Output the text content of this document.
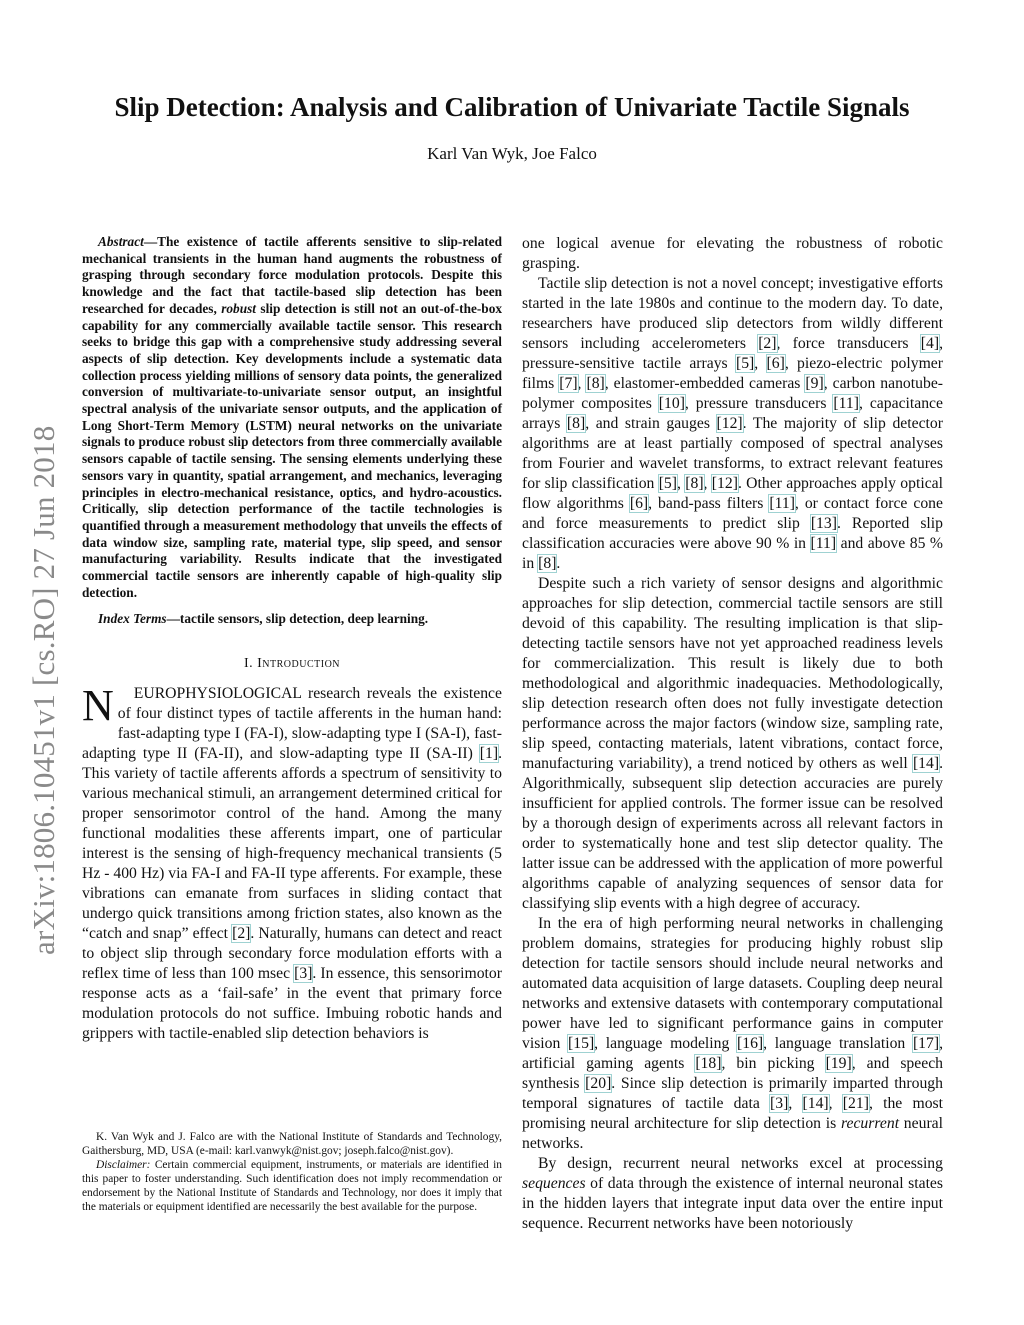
arXiv:1806.10451v1 [cs.RO] 27 Jun 2018
Slip Detection: Analysis and Calibration of Univariate Tactile Signals
Karl Van Wyk, Joe Falco

Abstract—The existence of tactile afferents sensitive to slip-related mechanical transients in the human hand augments the robustness of grasping through secondary force modulation protocols. Despite this knowledge and the fact that tactile-based slip detection has been researched for decades, robust slip detection is still not an out-of-the-box capability for any commercially available tactile sensor. This research seeks to bridge this gap with a comprehensive study addressing several aspects of slip detection. Key developments include a systematic data collection process yielding millions of sensory data points, the generalized conversion of multivariate-to-univariate sensor output, an insightful spectral analysis of the univariate sensor outputs, and the application of Long Short-Term Memory (LSTM) neural networks on the univariate signals to produce robust slip detectors from three commercially available sensors capable of tactile sensing. The sensing elements underlying these sensors vary in quantity, spatial arrangement, and mechanics, leveraging principles in electro-mechanical resistance, optics, and hydro-acoustics. Critically, slip detection performance of the tactile technologies is quantified through a measurement methodology that unveils the effects of data window size, sampling rate, material type, slip speed, and sensor manufacturing variability. Results indicate that the investigated commercial tactile sensors are inherently capable of high-quality slip detection.

Index Terms—tactile sensors, slip detection, deep learning.

I. Introduction

N EUROPHYSIOLOGICAL research reveals the existence of four distinct types of tactile afferents in the human hand: fast-adapting type I (FA-I), slow-adapting type I (SA-I), fast-adapting type II (FA-II), and slow-adapting type II (SA-II) [1]. This variety of tactile afferents affords a spectrum of sensitivity to various mechanical stimuli, an arrangement determined critical for proper sensorimotor control of the hand. Among the many functional modalities these afferents impart, one of particular interest is the sensing of high-frequency mechanical transients (5 Hz - 400 Hz) via FA-I and FA-II type afferents. For example, these vibrations can emanate from surfaces in sliding contact that undergo quick transitions among friction states, also known as the “catch and snap” effect [2]. Naturally, humans can detect and react to object slip through secondary force modulation efforts with a reflex time of less than 100 msec [3]. In essence, this sensorimotor response acts as a ‘fail-safe’ in the event that primary force modulation protocols do not suffice. Imbuing robotic hands and grippers with tactile-enabled slip detection behaviors is

K. Van Wyk and J. Falco are with the National Institute of Standards and Technology, Gaithersburg, MD, USA (e-mail: karl.vanwyk@nist.gov; joseph.falco@nist.gov).

Disclaimer: Certain commercial equipment, instruments, or materials are identified in this paper to foster understanding. Such identification does not imply recommendation or endorsement by the National Institute of Standards and Technology, nor does it imply that the materials or equipment identified are necessarily the best available for the purpose.

one logical avenue for elevating the robustness of robotic grasping.

Tactile slip detection is not a novel concept; investigative efforts started in the late 1980s and continue to the modern day. To date, researchers have produced slip detectors from wildly different sensors including accelerometers [2], force transducers [4], pressure-sensitive tactile arrays [5], [6], piezo-electric polymer films [7], [8], elastomer-embedded cameras [9], carbon nanotube-polymer composites [10], pressure transducers [11], capacitance arrays [8], and strain gauges [12]. The majority of slip detector algorithms are at least partially composed of spectral analyses from Fourier and wavelet transforms, to extract relevant features for slip classification [5], [8], [12]. Other approaches apply optical flow algorithms [6], band-pass filters [11], or contact force cone and force measurements to predict slip [13]. Reported slip classification accuracies were above 90 % in [11] and above 85 % in [8].

Despite such a rich variety of sensor designs and algorithmic approaches for slip detection, commercial tactile sensors are still devoid of this capability. The resulting implication is that slip-detecting tactile sensors have not yet approached readiness levels for commercialization. This result is likely due to both methodological and algorithmic inadequacies. Methodologically, slip detection research often does not fully investigate detection performance across the major factors (window size, sampling rate, slip speed, contacting materials, latent vibrations, contact force, manufacturing variability), a trend noticed by others as well [14]. Algorithmically, subsequent slip detection accuracies are purely insufficient for applied controls. The former issue can be resolved by a thorough design of experiments across all relevant factors in order to systematically hone and test slip detector quality. The latter issue can be addressed with the application of more powerful algorithms capable of analyzing sequences of sensor data for classifying slip events with a high degree of accuracy.

In the era of high performing neural networks in challenging problem domains, strategies for producing highly robust slip detection for tactile sensors should include neural networks and automated data acquisition of large datasets. Coupling deep neural networks and extensive datasets with contemporary computational power have led to significant performance gains in computer vision [15], language modeling [16], language translation [17], artificial gaming agents [18], bin picking [19], and speech synthesis [20]. Since slip detection is primarily imparted through temporal signatures of tactile data [3], [14], [21], the most promising neural architecture for slip detection is recurrent neural networks.

By design, recurrent neural networks excel at processing sequences of data through the existence of internal neuronal states in the hidden layers that integrate input data over the entire input sequence. Recurrent networks have been notoriously
